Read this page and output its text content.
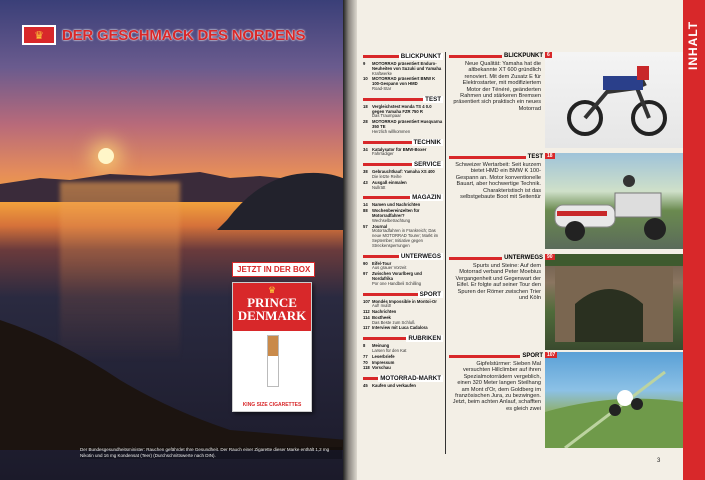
♛	DER GESCHMACK DES NORDENS
JETZT IN DER BOX
♛
PRINCE
DENMARK
KING SIZE CIGARETTES
Der Bundesgesundheitsminister: Rauchen gefährdet Ihre Gesundheit. Der Rauch einer Zigarette dieser Marke enthält 1,2 mg Nikotin und 16 mg Kondensat (Teer) (Durchschnittswerte nach DIN).
INHALT
BLICKPUNKT
9	MOTORRAD präsentiert Enduro-Neuheiten von Suzuki und Yamaha
Kraftwerke
10	MOTORRAD präsentiert BMW K 100-Gespann von HMD
Road-Star
TEST
18	Vergleichstest Honda TS 4 0.0 gegen Yamaha FZR 750 R
Das Traumpaar
28	MOTORRAD präsentiert Husqvarna 350 TE
Herzlich willkommen
TECHNIK
34	Katalysator für BMW-Boxer
Fahrradiger
SERVICE
38	Gebrauchtkauf: Yamaha XS 400
Die letzte Reihe
43	Ausgaß einmalen
Nullrätt
MAGAZIN
14	Namen und Nachrichten
88	Wochenbereinzelten für Motorradfahrer?
Wechselbetrachtung
57	Journal
Motorradfahren in Frankreich; Das neue MOTORRAD Tourer; Markt im September; Initiative gegen Streckensperrungen
UNTERWEGS
90	Eifel-Tour
Aus grauer Vorzeit
97	Zwischen Vorarlberg und Nordafrika
Por one Handbeli Schilling
SPORT
107 Mondés Impossible in Montoi-Or
Auf! mußt!
112 Nachrichten
114 Boxtheek
Das Beste zum Schluß
117 Interview mit Luca Cadalora
RUBRIKEN
8	Meinung
Larsen für den Kat
77	Leserbriefe
70	Impressum
118 Vorschau
MOTORRAD-MARKT
45	Kaufen und verkaufen
BLICKPUNKT
Neue Qualität: Yamaha hat die altbekannte XT 600 gründlich renoviert. Mit dem Zusatz E für Elektrostarter, mit modifiziertem Motor der Ténéré, geänderten Rahmen und stärkeren Bremsen präsentiert sich praktisch ein neues Motorrad
6
TEST
Schweizer Wertarbeit: Seit kurzem bietet HMD ein BMW K 100-Gespann an. Motor konventionelle Bauart, aber hochwertige Technik. Charakteristisch ist das selbstgebaute Boot mit Seitentür
18
UNTERWEGS
Spurts und Steine: Auf dem Motorrad verband Peter Moebius Vergangenheit und Gegenwart der Eifel. Er folgte auf seiner Tour den Spuren der Römer zwischen Trier und Köln
90
SPORT
Gipfelstürmer: Sieben Mal versuchten Hillclimber auf ihren Spezialmotorrädern vergeblich, einen 320 Meter langen Steilhang am Mont d'Or, dem Goldberg im französischen Jura, zu bezwingen. Jetzt, beim achten Anlauf, schafften es gleich zwei
107
3
